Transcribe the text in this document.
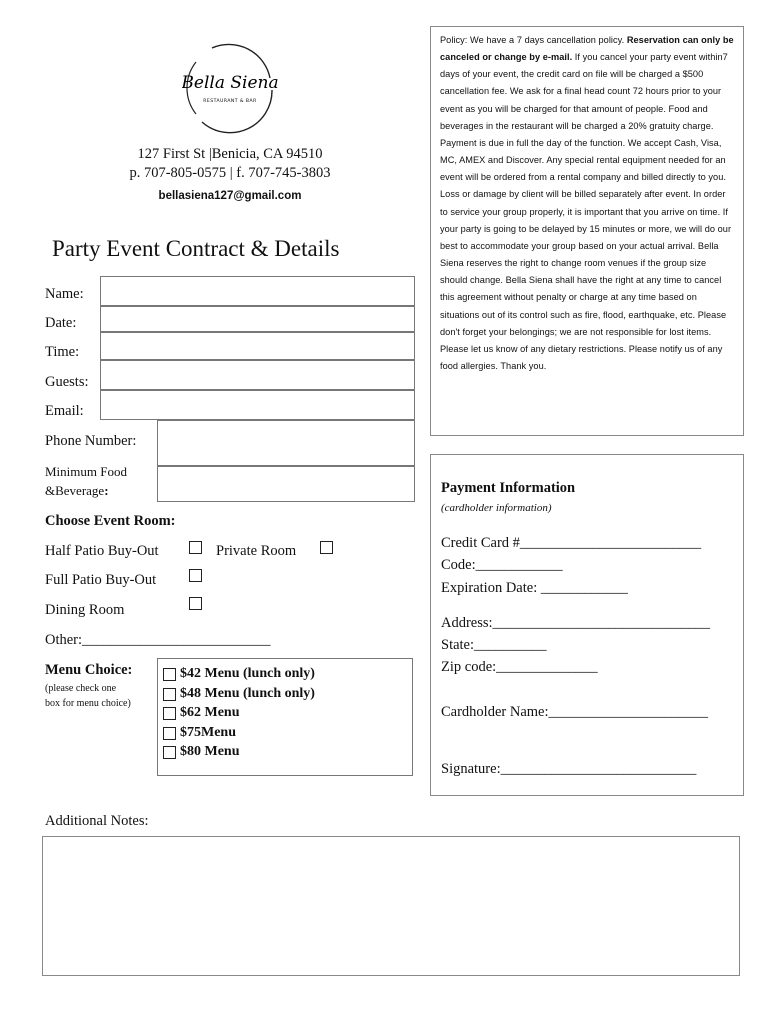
Bella Siena
RESTAURANT & BAR
127 First St |Benicia, CA 94510
p. 707-805-0575 | f. 707-745-3803
bellasiena127@gmail.com
Party Event Contract & Details
Name:
Date:
Time:
Guests:
Email:
Phone Number:
Minimum Food
&Beverage:
Choose Event Room:
Half Patio Buy-Out	Private Room
Full Patio Buy-Out
Dining Room
Other:__________________________
Menu Choice:
(please check one
box for menu choice)
$42 Menu (lunch only)
$48 Menu (lunch only)
$62 Menu
$75Menu
$80 Menu
Policy: We have a 7 days cancellation policy. Reservation can only be canceled or change by e-mail. If you cancel your party event within7 days of your event, the credit card on file will be charged a $500 cancellation fee. We ask for a final head count 72 hours prior to your event as you will be charged for that amount of people. Food and beverages in the restaurant will be charged a 20% gratuity charge. Payment is due in full the day of the function. We accept Cash, Visa, MC, AMEX and Discover. Any special rental equipment needed for an event will be ordered from a rental company and billed directly to you. Loss or damage by client will be billed separately after event. In order to service your group properly, it is important that you arrive on time. If your party is going to be delayed by 15 minutes or more, we will do our best to accommodate your group based on your actual arrival. Bella Siena reserves the right to change room venues if the group size should change. Bella Siena shall have the right at any time to cancel this agreement without penalty or charge at any time based on situations out of its control such as fire, flood, earthquake, etc. Please don't forget your belongings; we are not responsible for lost items. Please let us know of any dietary restrictions. Please notify us of any food allergies. Thank you.
Payment Information
(cardholder information)
Credit Card #_________________________
Code:____________
Expiration Date: ____________
Address:______________________________
State:__________
Zip code:______________
Cardholder Name:______________________
Signature:___________________________
Additional Notes:
